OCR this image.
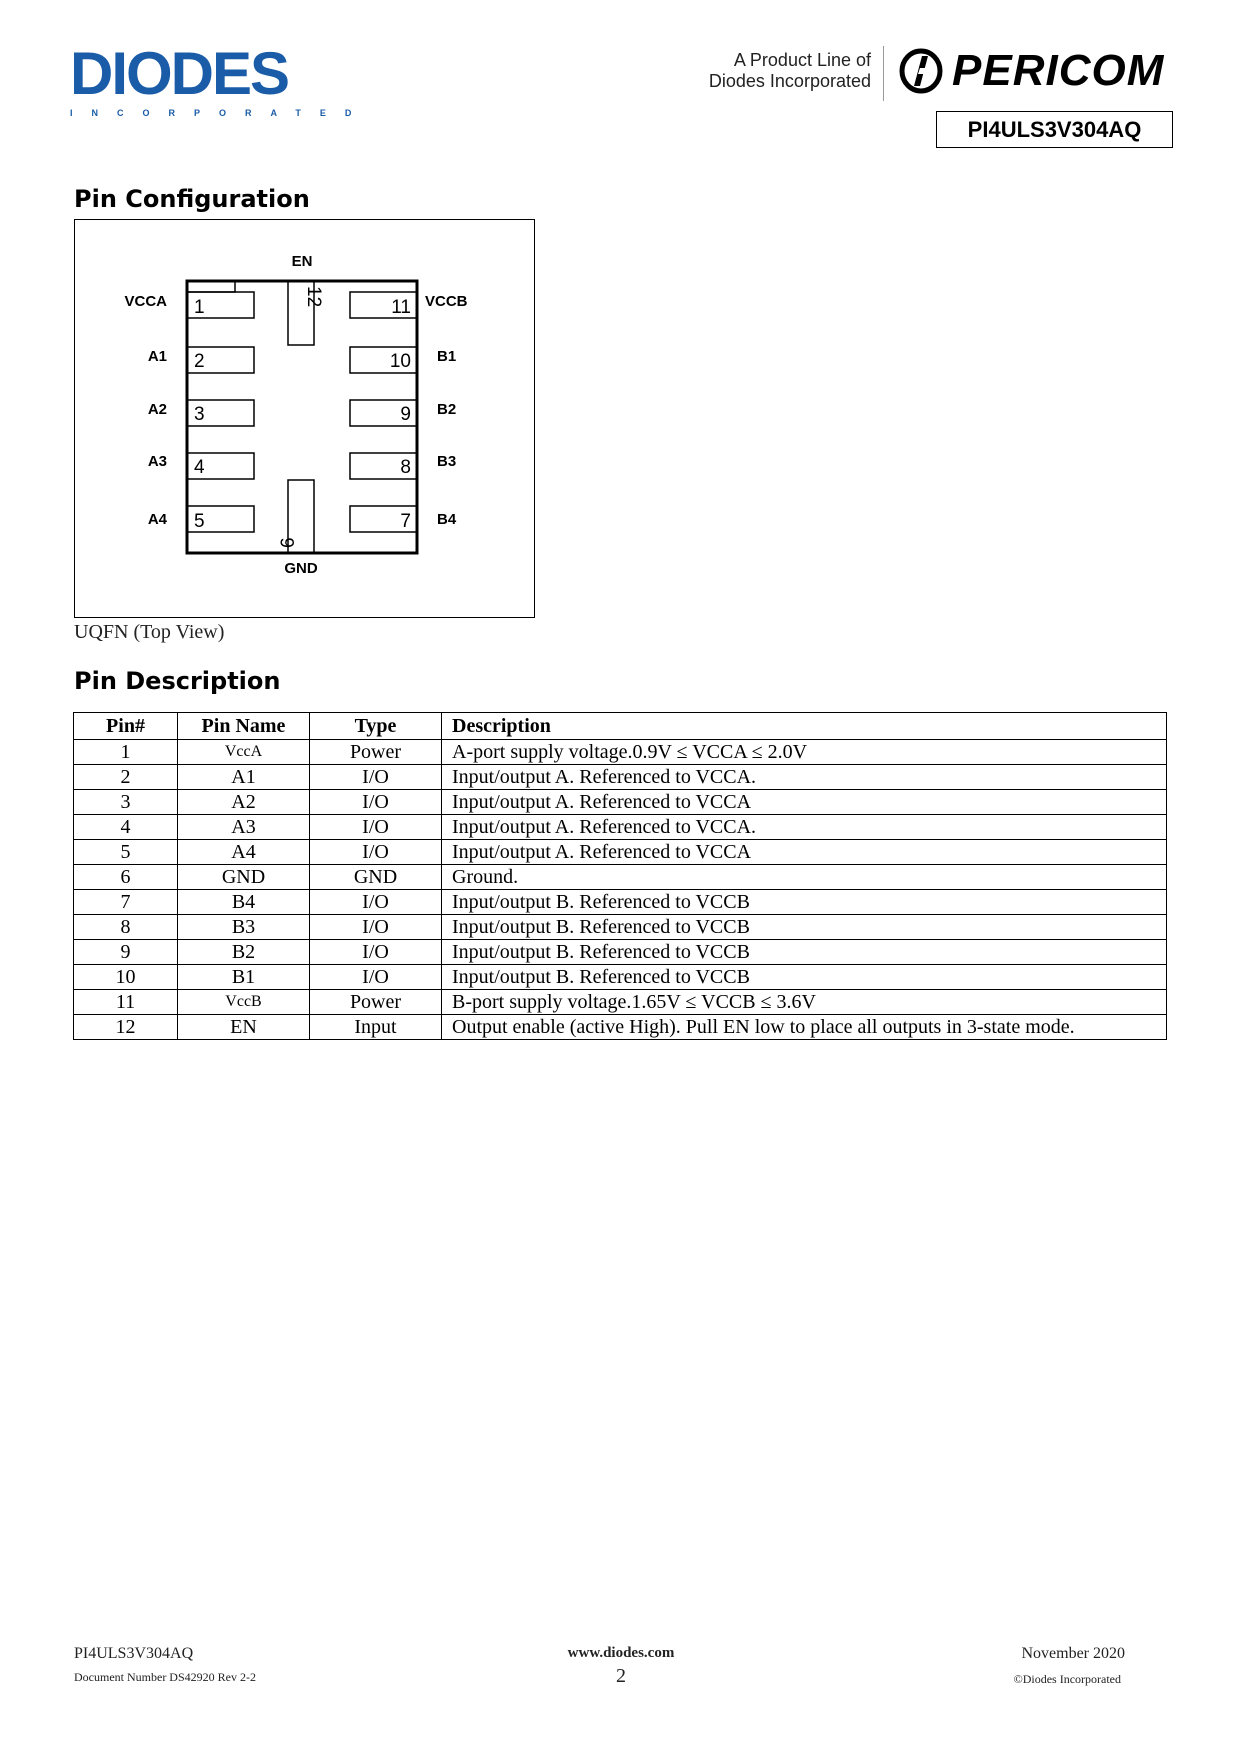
DIODES
INCORPORATED
A Product Line of
Diodes Incorporated PERICOM
PI4ULS3V304AQ
Pin Configuration
1
2
3
4
5	7
8
9
10
11
12
6
VCCA
A1
A2
A3
A4
VCCB
B1
B2
B3
B4
EN
GND
UQFN (Top View)
Pin Description
Pin#	Pin Name	Type	Description
1	VccA	Power	A-port supply voltage.0.9V ≤ VCCA ≤ 2.0V
2	A1	I/O	Input/output A. Referenced to VCCA.
3	A2	I/O	Input/output A. Referenced to VCCA
4	A3	I/O	Input/output A. Referenced to VCCA.
5	A4	I/O	Input/output A. Referenced to VCCA
6	GND	GND	Ground.
7	B4	I/O	Input/output B. Referenced to VCCB
8	B3	I/O	Input/output B. Referenced to VCCB
9	B2	I/O	Input/output B. Referenced to VCCB
10	B1	I/O	Input/output B. Referenced to VCCB
11	VccB	Power	B-port supply voltage.1.65V ≤ VCCB ≤ 3.6V
12	EN	Input	Output enable (active High). Pull EN low to place all outputs in 3-state mode.
PI4ULS3V304AQ
Document Number DS42920 Rev 2-2
www.diodes.com
2
November 2020
©Diodes Incorporated
